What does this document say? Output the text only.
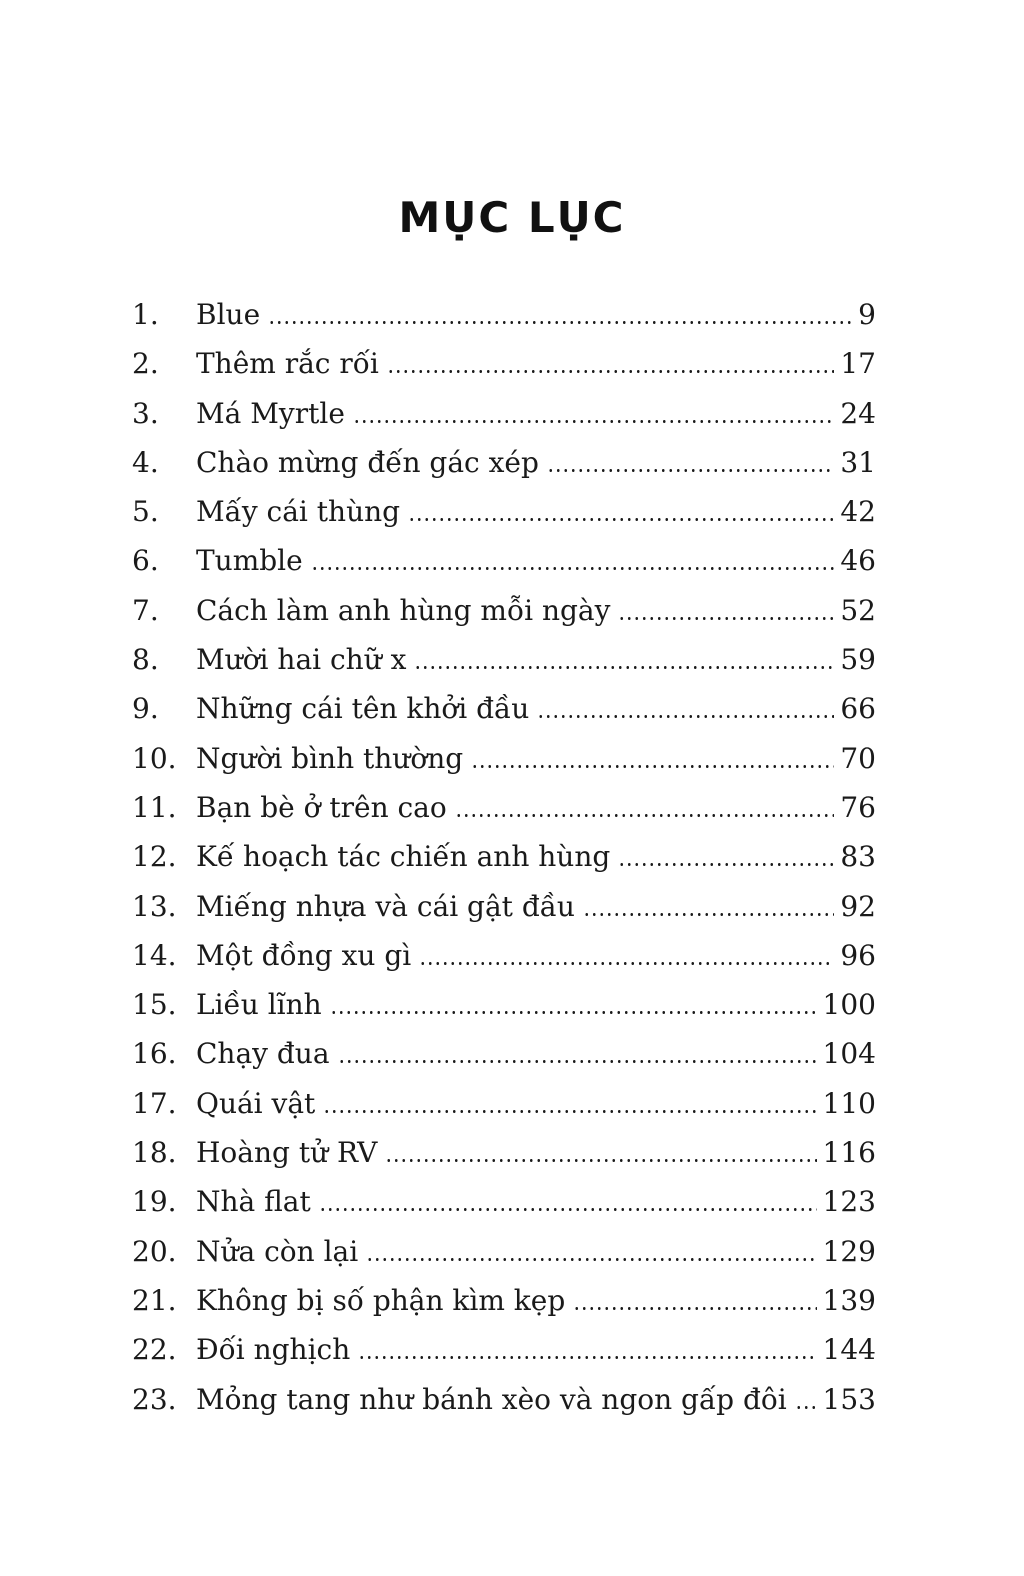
MỤC LỤC
1.	Blue	9
2.	Thêm rắc rối	17
3.	Má Myrtle	24
4.	Chào mừng đến gác xép	31
5.	Mấy cái thùng	42
6.	Tumble	46
7.	Cách làm anh hùng mỗi ngày	52
8.	Mười hai chữ x	59
9.	Những cái tên khởi đầu	66
10. Người bình thường	70
11. Bạn bè ở trên cao	76
12. Kế hoạch tác chiến anh hùng	83
13. Miếng nhựa và cái gật đầu	92
14. Một đồng xu gì	96
15. Liều lĩnh	100
16. Chạy đua	104
17. Quái vật	110
18. Hoàng tử RV	116
19. Nhà flat	123
20. Nửa còn lại	129
21. Không bị số phận kìm kẹp	139
22. Đối nghịch	144
23. Mỏng tang như bánh xèo và ngon gấp đôi 153
